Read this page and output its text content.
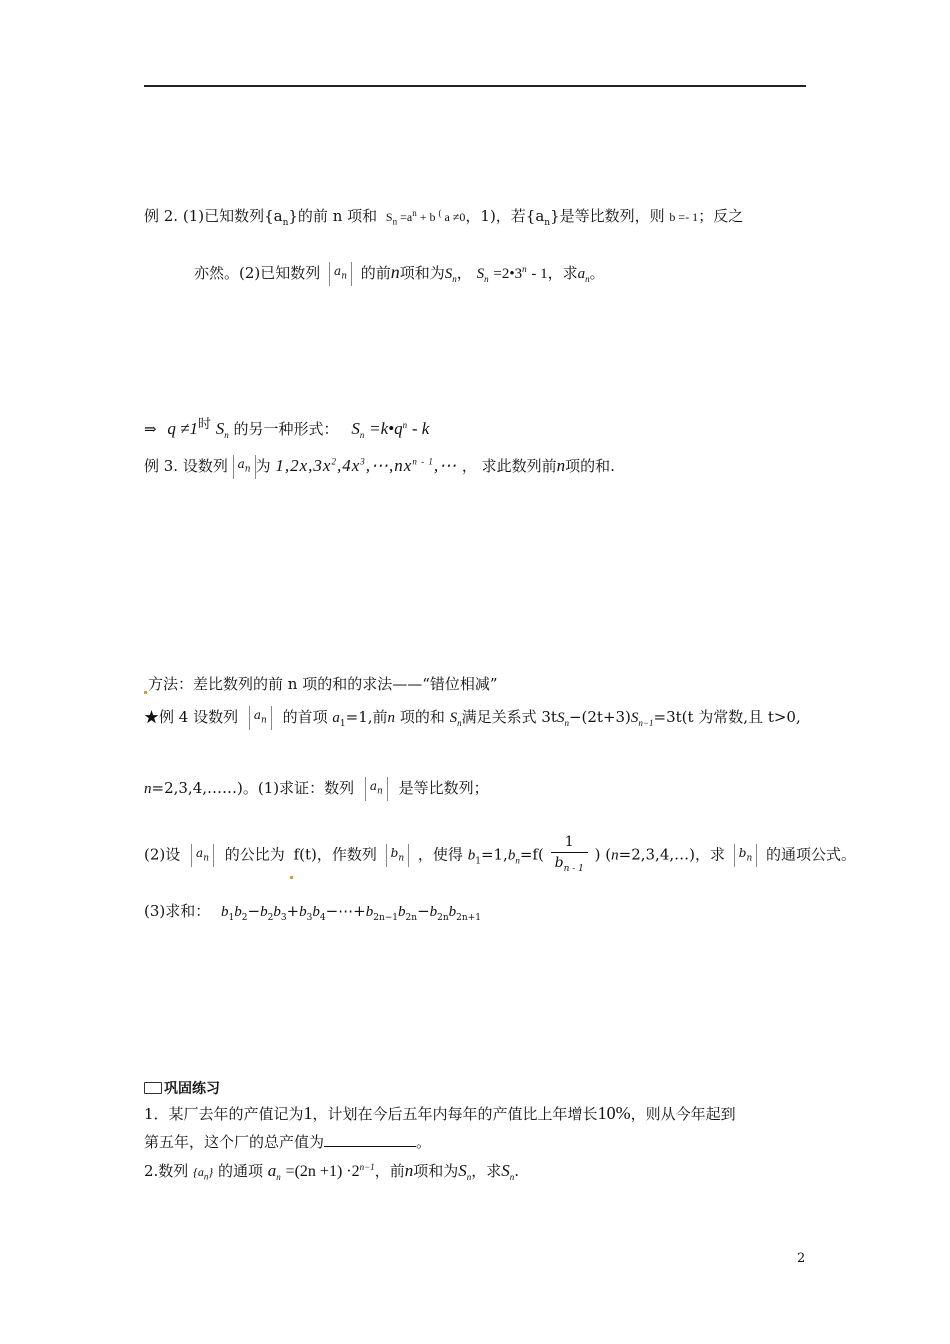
例 2. (1)已知数列$\{a_n\}$的前 n 项和 $S_n =a^n + b$ ( a ≠0，1)，若$\{a_n\}$是等比数列，则 b =- 1；反之
亦然。(2)已知数列 $a_n$ 的前n项和为$S_n$， $S_n$ $=2•3^n - 1$，求$a_n$。
⇒ $q \ne 1^时$ $S_n$ 的另一种形式： $S_n$ $=k•q^n - k$
例 3. 设数列 $a_n$ 为 $1,2x,3x^2,4x^3,\cdots,nx^{n - 1},\cdots$ ， 求此数列前n项的和.
方法：差比数列的前 n 项的和的求法——“错位相减”
★例 4 设数列 $a_n$ 的首项 $a_1=1$,前n 项的和 $S_n$满足关系式 $3tS_n-(2t+3)S_{n-1}=3t(t$ 为常数,且 t>0,
n=2,3,4,……)。(1)求证：数列 $a_n$ 是等比数列；
(2)设 $a_n$ 的公比为 f(t)，作数列 $b_n$ ，使得 $b_1=1,b_n=f( \frac{1}{b_{n - 1}}$ ) (n=2,3,4,…)，求 $b_n$ 的通项公式。
(3)求和： $b_1b_2-b_2b_3+b_3b_4-\cdots+b_{2n-1}b_{2n}-b_{2n}b_{2n+1}$
巩固练习
1．某厂去年的产值记为1，计划在今后五年内每年的产值比上年增长10%，则从今年起到
第五年，这个厂的总产值为	。
2.数列 $\{a_n\}$ 的通项 $a_n =(2n +1) \cdot 2^{n-1}$，前n项和为$S_n$，求$S_n$.
2
